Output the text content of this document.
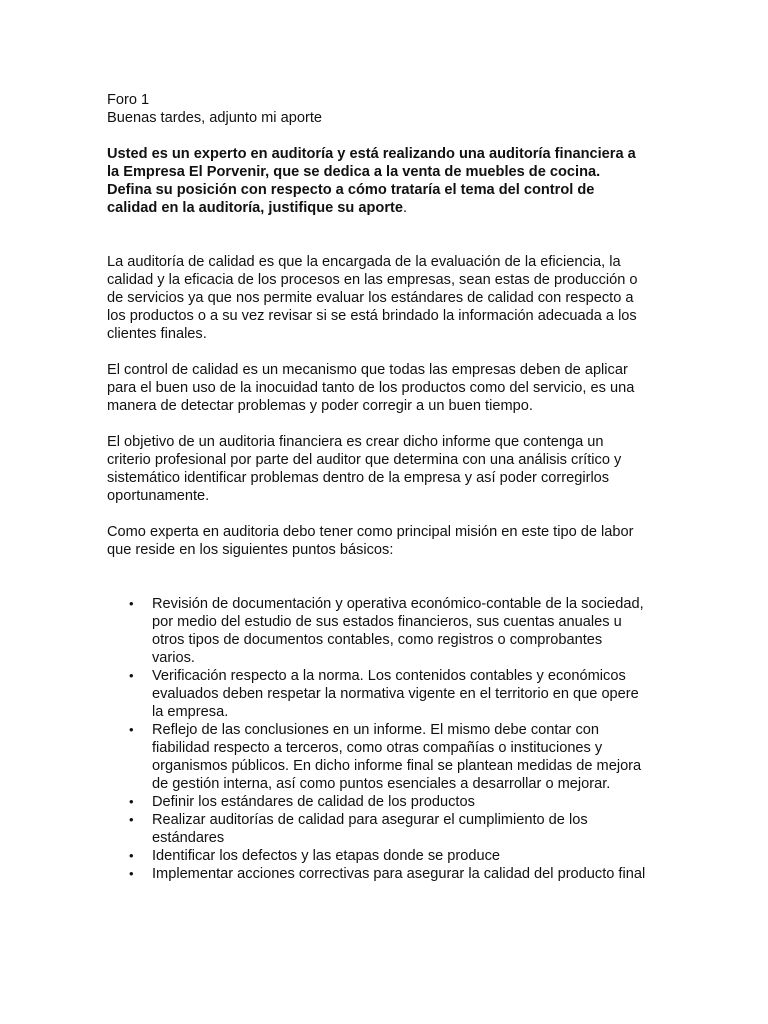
Foro 1
Buenas tardes, adjunto mi aporte
Usted es un experto en auditoría y está realizando una auditoría financiera a
la Empresa El Porvenir, que se dedica a la venta de muebles de cocina.
Defina su posición con respecto a cómo trataría el tema del control de
calidad en la auditoría, justifique su aporte.
La auditoría de calidad es que la encargada de la evaluación de la eficiencia, la
calidad y la eficacia de los procesos en las empresas, sean estas de producción o
de servicios ya que nos permite evaluar los estándares de calidad con respecto a
los productos o a su vez revisar si se está brindado la información adecuada a los
clientes finales.
El control de calidad es un mecanismo que todas las empresas deben de aplicar
para el buen uso de la inocuidad tanto de los productos como del servicio, es una
manera de detectar problemas y poder corregir a un buen tiempo.
El objetivo de un auditoria financiera es crear dicho informe que contenga un
criterio profesional por parte del auditor que determina con una análisis crítico y
sistemático identificar problemas dentro de la empresa y así poder corregirlos
oportunamente.
Como experta en auditoria debo tener como principal misión en este tipo de labor
que reside en los siguientes puntos básicos:
• Revisión de documentación y operativa económico-contable de la sociedad,
por medio del estudio de sus estados financieros, sus cuentas anuales u
otros tipos de documentos contables, como registros o comprobantes
varios.
• Verificación respecto a la norma. Los contenidos contables y económicos
evaluados deben respetar la normativa vigente en el territorio en que opere
la empresa.
• Reflejo de las conclusiones en un informe. El mismo debe contar con
fiabilidad respecto a terceros, como otras compañías o instituciones y
organismos públicos. En dicho informe final se plantean medidas de mejora
de gestión interna, así como puntos esenciales a desarrollar o mejorar.
• Definir los estándares de calidad de los productos
• Realizar auditorías de calidad para asegurar el cumplimiento de los
estándares
• Identificar los defectos y las etapas donde se produce
• Implementar acciones correctivas para asegurar la calidad del producto final
